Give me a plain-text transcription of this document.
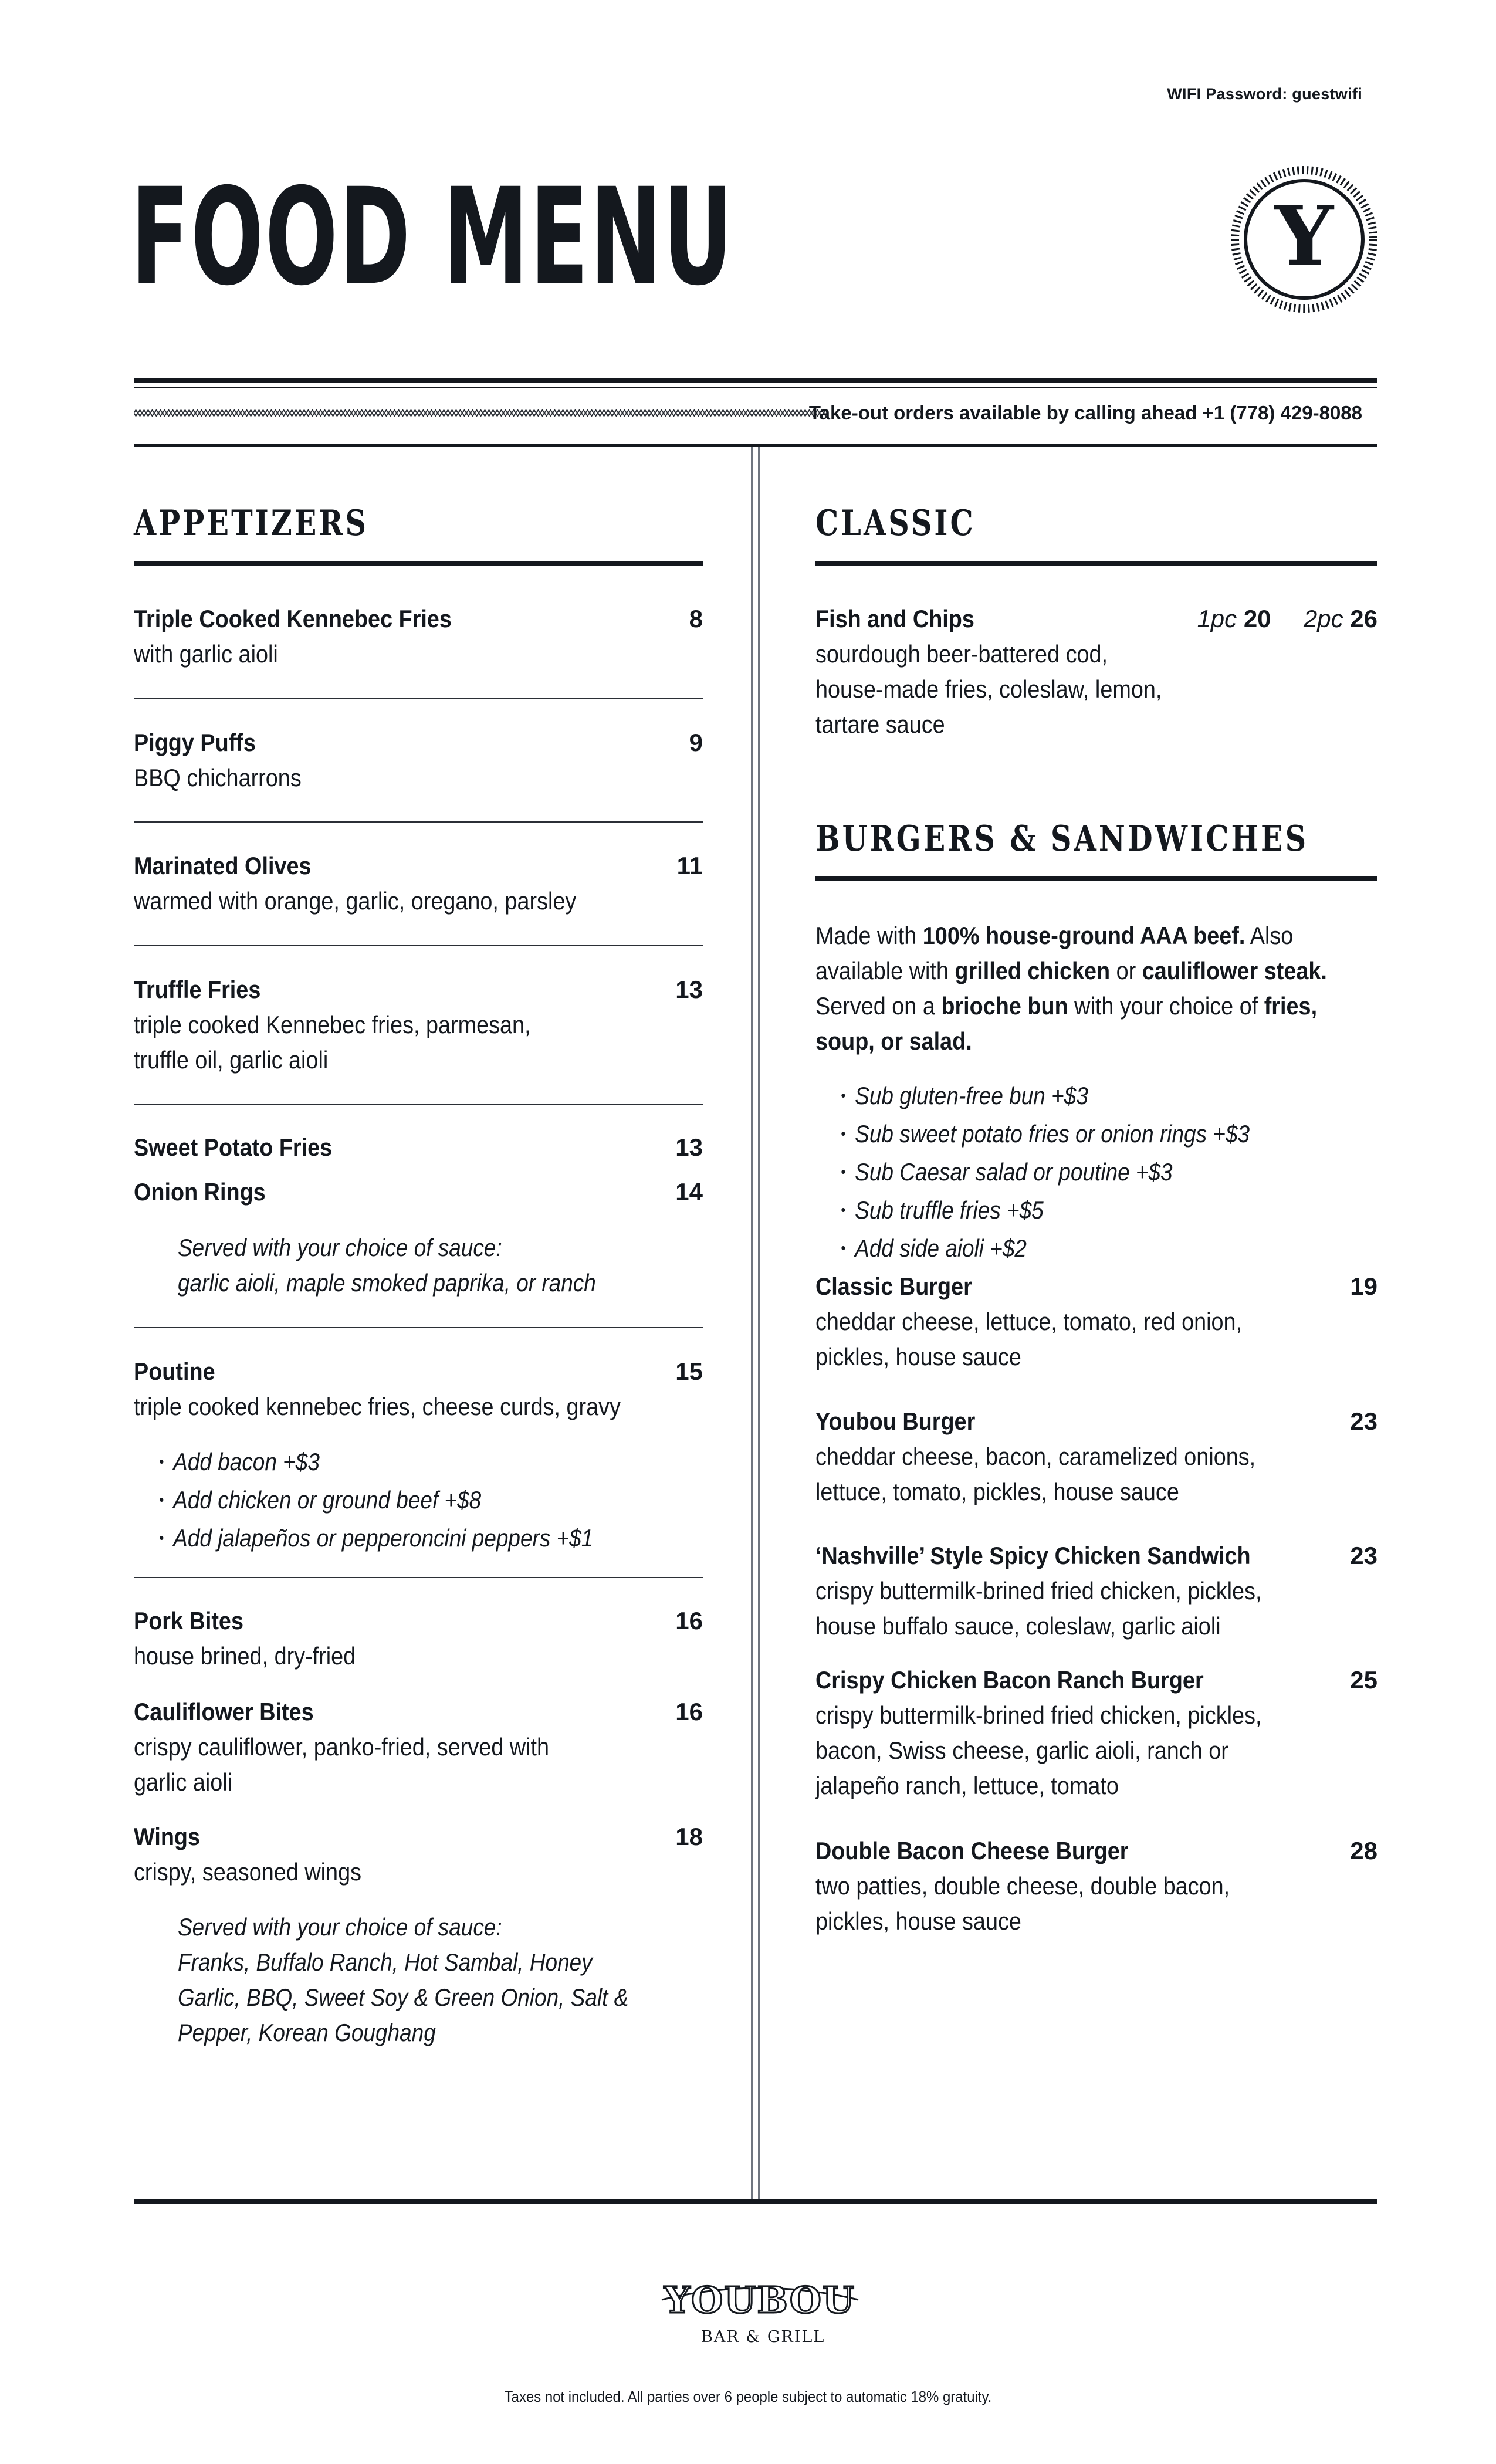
WIFI Password: guestwifi
FOOD MENU	Y
Take-out orders available by calling ahead +1 (778) 429-8088
APPETIZERS
Triple Cooked Kennebec Fries	8
with garlic aioli
Piggy Puffs	9
BBQ chicharrons
Marinated Olives	11
warmed with orange, garlic, oregano, parsley
Truffle Fries	13
triple cooked Kennebec fries, parmesan,
truffle oil, garlic aioli
Sweet Potato Fries	13
Onion Rings	14
Served with your choice of sauce:
garlic aioli, maple smoked paprika, or ranch
Poutine	15
triple cooked kennebec fries, cheese curds, gravy
• Add bacon +$3
• Add chicken or ground beef +$8
• Add jalapeños or pepperoncini peppers +$1
Pork Bites	16
house brined, dry-fried
Cauliflower Bites	16
crispy cauliflower, panko-fried, served with
garlic aioli
Wings	18
crispy, seasoned wings
Served with your choice of sauce:
Franks, Buffalo Ranch, Hot Sambal, Honey
Garlic, BBQ, Sweet Soy & Green Onion, Salt &
Pepper, Korean Goughang
CLASSIC
Fish and Chips	1pc 20 2pc 26
sourdough beer-battered cod,
house-made fries, coleslaw, lemon,
tartare sauce
BURGERS & SANDWICHES
Made with 100% house-ground AAA beef. Also
available with grilled chicken or cauliflower steak.
Served on a brioche bun with your choice of fries,
soup, or salad.
• Sub gluten-free bun +$3
• Sub sweet potato fries or onion rings +$3
• Sub Caesar salad or poutine +$3
• Sub truffle fries +$5
• Add side aioli +$2
Classic Burger	19
cheddar cheese, lettuce, tomato, red onion,
pickles, house sauce
Youbou Burger	23
cheddar cheese, bacon, caramelized onions,
lettuce, tomato, pickles, house sauce
‘Nashville’ Style Spicy Chicken Sandwich	23
crispy buttermilk-brined fried chicken, pickles,
house buffalo sauce, coleslaw, garlic aioli
Crispy Chicken Bacon Ranch Burger	25
crispy buttermilk-brined fried chicken, pickles,
bacon, Swiss cheese, garlic aioli, ranch or
jalapeño ranch, lettuce, tomato
Double Bacon Cheese Burger	28
two patties, double cheese, double bacon,
pickles, house sauce
YOUBOU
BAR & GRILL
Taxes not included. All parties over 6 people subject to automatic 18% gratuity.
